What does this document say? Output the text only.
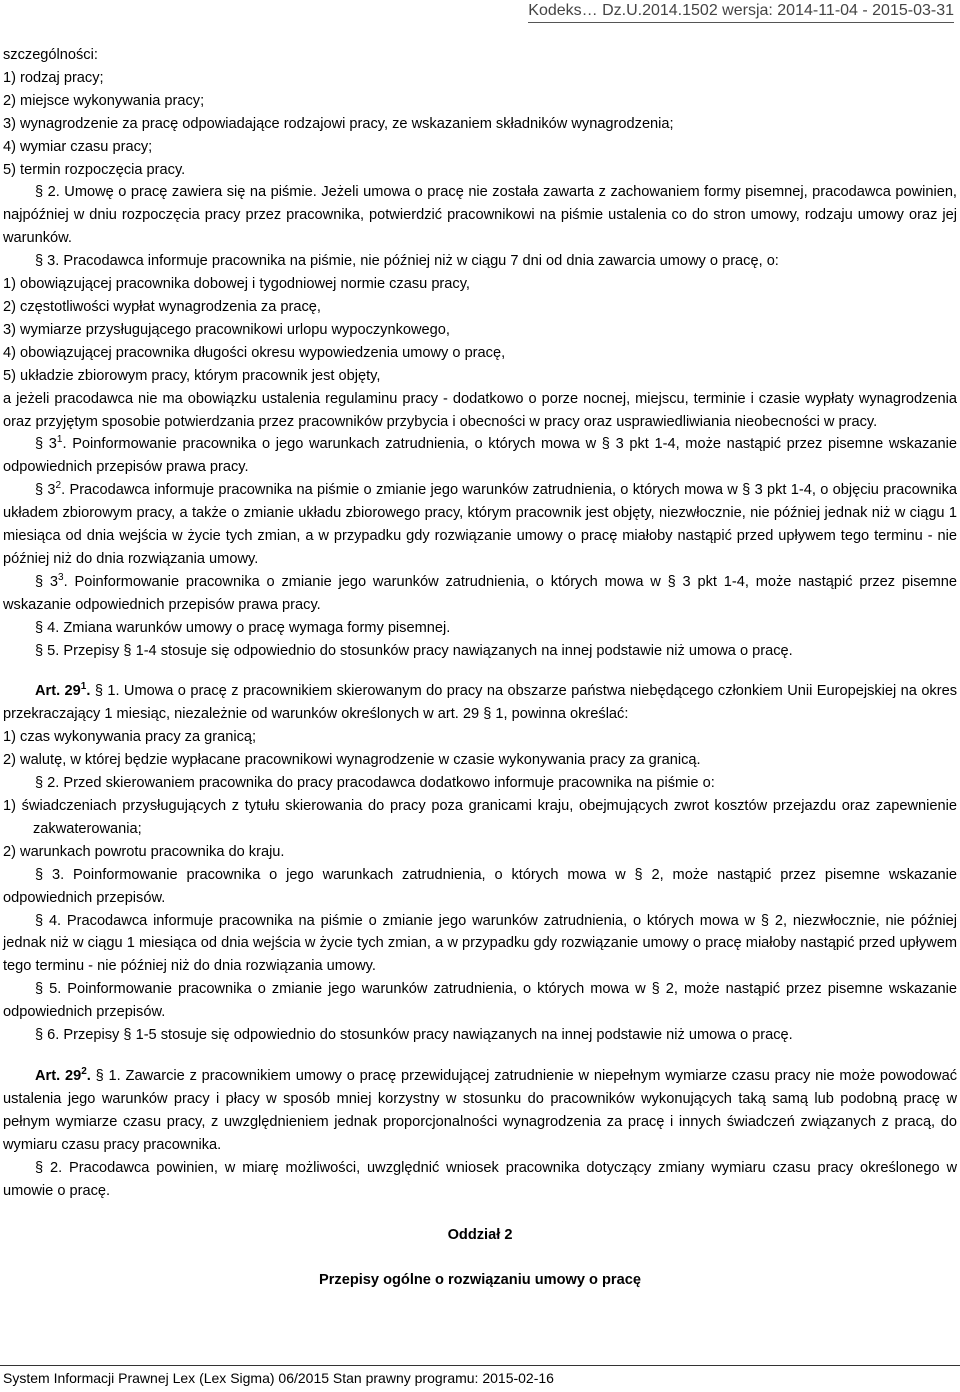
Kodeks… Dz.U.2014.1502 wersja: 2014-11-04 - 2015-03-31
szczególności:
1) rodzaj pracy;
2) miejsce wykonywania pracy;
3) wynagrodzenie za pracę odpowiadające rodzajowi pracy, ze wskazaniem składników wynagrodzenia;
4) wymiar czasu pracy;
5) termin rozpoczęcia pracy.
§ 2. Umowę o pracę zawiera się na piśmie. Jeżeli umowa o pracę nie została zawarta z zachowaniem formy pisemnej, pracodawca powinien, najpóźniej w dniu rozpoczęcia pracy przez pracownika, potwierdzić pracownikowi na piśmie ustalenia co do stron umowy, rodzaju umowy oraz jej warunków.
§ 3. Pracodawca informuje pracownika na piśmie, nie później niż w ciągu 7 dni od dnia zawarcia umowy o pracę, o:
1) obowiązującej pracownika dobowej i tygodniowej normie czasu pracy,
2) częstotliwości wypłat wynagrodzenia za pracę,
3) wymiarze przysługującego pracownikowi urlopu wypoczynkowego,
4) obowiązującej pracownika długości okresu wypowiedzenia umowy o pracę,
5) układzie zbiorowym pracy, którym pracownik jest objęty,
a jeżeli pracodawca nie ma obowiązku ustalenia regulaminu pracy - dodatkowo o porze nocnej, miejscu, terminie i czasie wypłaty wynagrodzenia oraz przyjętym sposobie potwierdzania przez pracowników przybycia i obecności w pracy oraz usprawiedliwiania nieobecności w pracy.
§ $3^1$. Poinformowanie pracownika o jego warunkach zatrudnienia, o których mowa w § 3 pkt 1-4, może nastąpić przez pisemne wskazanie odpowiednich przepisów prawa pracy.
§ $3^2$. Pracodawca informuje pracownika na piśmie o zmianie jego warunków zatrudnienia, o których mowa w § 3 pkt 1-4, o objęciu pracownika układem zbiorowym pracy, a także o zmianie układu zbiorowego pracy, którym pracownik jest objęty, niezwłocznie, nie później jednak niż w ciągu 1 miesiąca od dnia wejścia w życie tych zmian, a w przypadku gdy rozwiązanie umowy o pracę miałoby nastąpić przed upływem tego terminu - nie później niż do dnia rozwiązania umowy.
§ $3^3$. Poinformowanie pracownika o zmianie jego warunków zatrudnienia, o których mowa w § 3 pkt 1-4, może nastąpić przez pisemne wskazanie odpowiednich przepisów prawa pracy.
§ 4. Zmiana warunków umowy o pracę wymaga formy pisemnej.
§ 5. Przepisy § 1-4 stosuje się odpowiednio do stosunków pracy nawiązanych na innej podstawie niż umowa o pracę.
Art. $29^1$. § 1. Umowa o pracę z pracownikiem skierowanym do pracy na obszarze państwa niebędącego członkiem Unii Europejskiej na okres przekraczający 1 miesiąc, niezależnie od warunków określonych w art. 29 § 1, powinna określać:
1) czas wykonywania pracy za granicą;
2) walutę, w której będzie wypłacane pracownikowi wynagrodzenie w czasie wykonywania pracy za granicą.
§ 2. Przed skierowaniem pracownika do pracy pracodawca dodatkowo informuje pracownika na piśmie o:
1) świadczeniach przysługujących z tytułu skierowania do pracy poza granicami kraju, obejmujących zwrot kosztów przejazdu oraz zapewnienie zakwaterowania;
2) warunkach powrotu pracownika do kraju.
§ 3. Poinformowanie pracownika o jego warunkach zatrudnienia, o których mowa w § 2, może nastąpić przez pisemne wskazanie odpowiednich przepisów.
§ 4. Pracodawca informuje pracownika na piśmie o zmianie jego warunków zatrudnienia, o których mowa w § 2, niezwłocznie, nie później jednak niż w ciągu 1 miesiąca od dnia wejścia w życie tych zmian, a w przypadku gdy rozwiązanie umowy o pracę miałoby nastąpić przed upływem tego terminu - nie później niż do dnia rozwiązania umowy.
§ 5. Poinformowanie pracownika o zmianie jego warunków zatrudnienia, o których mowa w § 2, może nastąpić przez pisemne wskazanie odpowiednich przepisów.
§ 6. Przepisy § 1-5 stosuje się odpowiednio do stosunków pracy nawiązanych na innej podstawie niż umowa o pracę.
Art. $29^2$. § 1. Zawarcie z pracownikiem umowy o pracę przewidującej zatrudnienie w niepełnym wymiarze czasu pracy nie może powodować ustalenia jego warunków pracy i płacy w sposób mniej korzystny w stosunku do pracowników wykonujących taką samą lub podobną pracę w pełnym wymiarze czasu pracy, z uwzględnieniem jednak proporcjonalności wynagrodzenia za pracę i innych świadczeń związanych z pracą, do wymiaru czasu pracy pracownika.
§ 2. Pracodawca powinien, w miarę możliwości, uwzględnić wniosek pracownika dotyczący zmiany wymiaru czasu pracy określonego w umowie o pracę.
Oddział 2
Przepisy ogólne o rozwiązaniu umowy o pracę
System Informacji Prawnej Lex (Lex Sigma) 06/2015 Stan prawny programu: 2015-02-16
